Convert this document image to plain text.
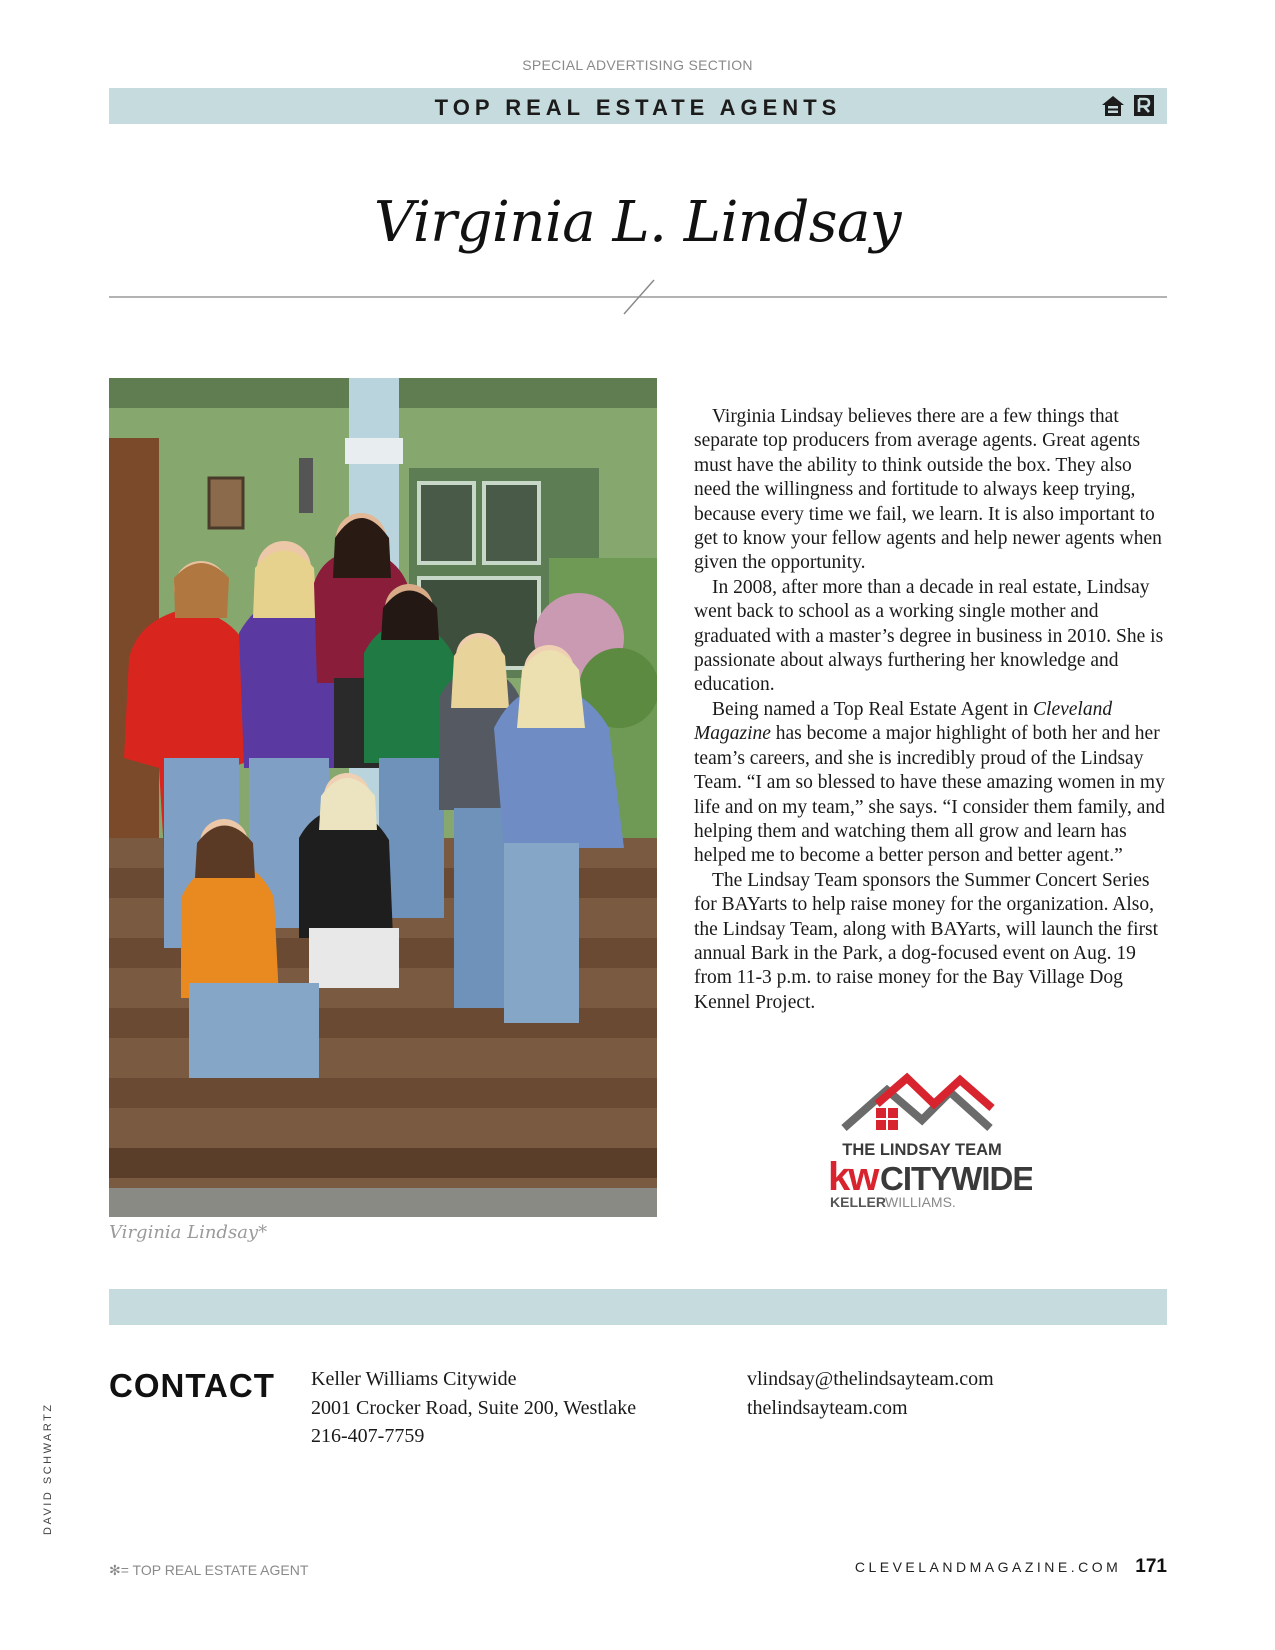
SPECIAL ADVERTISING SECTION
TOP REAL ESTATE AGENTS
Virginia L. Lindsay
Virginia Lindsay*

Virginia Lindsay believes there are a few things that separate top producers from average agents. Great agents must have the ability to think outside the box. They also need the willingness and fortitude to always keep trying, because every time we fail, we learn. It is also important to get to know your fellow agents and help newer agents when given the opportunity.

In 2008, after more than a decade in real estate, Lindsay went back to school as a working single mother and graduated with a master’s degree in business in 2010. She is passionate about always furthering her knowledge and education.

Being named a Top Real Estate Agent in Cleveland Magazine has become a major highlight of both her and her team’s careers, and she is incredibly proud of the Lindsay Team. “I am so blessed to have these amazing women in my life and on my team,” she says. “I consider them family, and helping them and watching them all grow and learn has helped me to become a better person and better agent.”

The Lindsay Team sponsors the Summer Concert Series for BAYarts to help raise money for the organization. Also, the Lindsay Team, along with BAYarts, will launch the first annual Bark in the Park, a dog-focused event on Aug. 19 from 11-3 p.m. to raise money for the Bay Village Dog Kennel Project.

THE LINDSAY TEAM
kw CITYWIDE
KELLER WILLIAMS.
CONTACT Keller Williams Citywide
2001 Crocker Road, Suite 200, Westlake
216-407-7759
vlindsay@thelindsayteam.com
thelindsayteam.com
DAVID SCHWARTZ
✻= TOP REAL ESTATE AGENT	CLEVELANDMAGAZINE.COM 171
